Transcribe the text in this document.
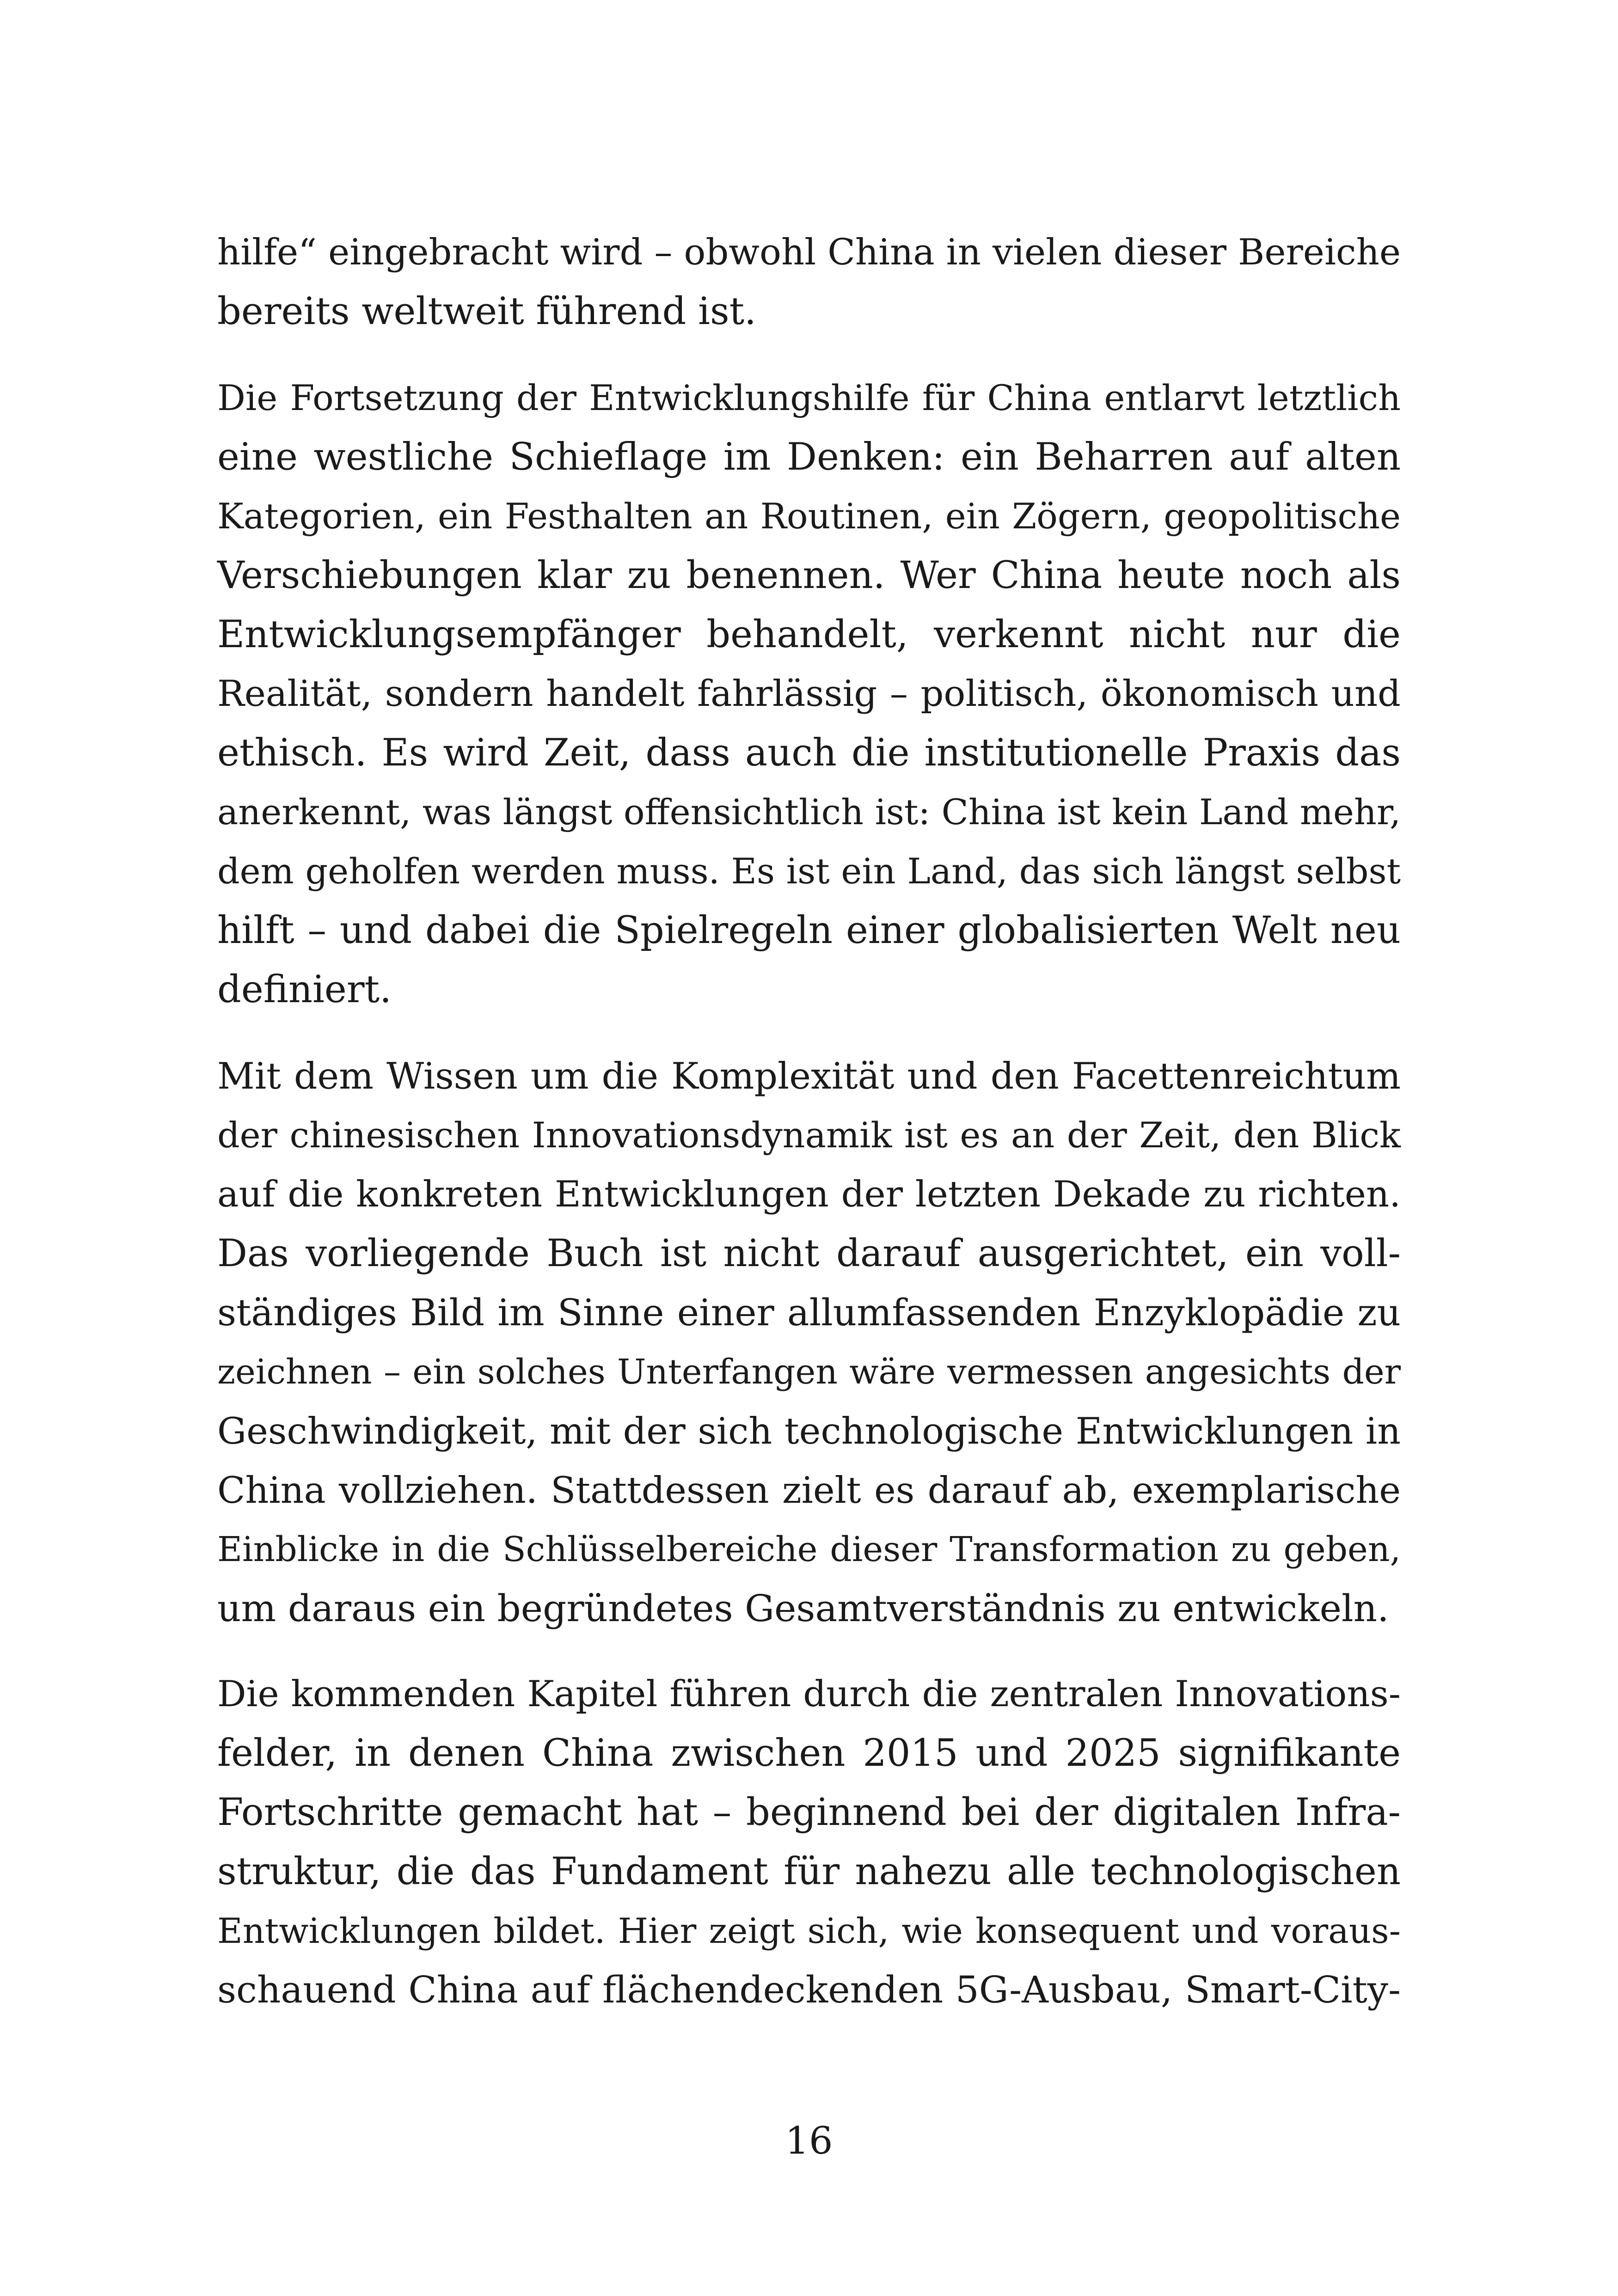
hilfe“ eingebracht wird – obwohl China in vielen dieser Bereiche
bereits weltweit führend ist.
Die Fortsetzung der Entwicklungshilfe für China entlarvt letztlich
eine westliche Schieflage im Denken: ein Beharren auf alten
Kategorien, ein Festhalten an Routinen, ein Zögern, geopolitische
Verschiebungen klar zu benennen. Wer China heute noch als
Entwicklungsempfänger behandelt, verkennt nicht nur die
Realität, sondern handelt fahrlässig – politisch, ökonomisch und
ethisch. Es wird Zeit, dass auch die institutionelle Praxis das
anerkennt, was längst offensichtlich ist: China ist kein Land mehr,
dem geholfen werden muss. Es ist ein Land, das sich längst selbst
hilft – und dabei die Spielregeln einer globalisierten Welt neu
definiert.
Mit dem Wissen um die Komplexität und den Facettenreichtum
der chinesischen Innovationsdynamik ist es an der Zeit, den Blick
auf die konkreten Entwicklungen der letzten Dekade zu richten.
Das vorliegende Buch ist nicht darauf ausgerichtet, ein voll-
ständiges Bild im Sinne einer allumfassenden Enzyklopädie zu
zeichnen – ein solches Unterfangen wäre vermessen angesichts der
Geschwindigkeit, mit der sich technologische Entwicklungen in
China vollziehen. Stattdessen zielt es darauf ab, exemplarische
Einblicke in die Schlüsselbereiche dieser Transformation zu geben,
um daraus ein begründetes Gesamtverständnis zu entwickeln.
Die kommenden Kapitel führen durch die zentralen Innovations-
felder, in denen China zwischen 2015 und 2025 signifikante
Fortschritte gemacht hat – beginnend bei der digitalen Infra-
struktur, die das Fundament für nahezu alle technologischen
Entwicklungen bildet. Hier zeigt sich, wie konsequent und voraus-
schauend China auf flächendeckenden 5G-Ausbau, Smart-City-
16
